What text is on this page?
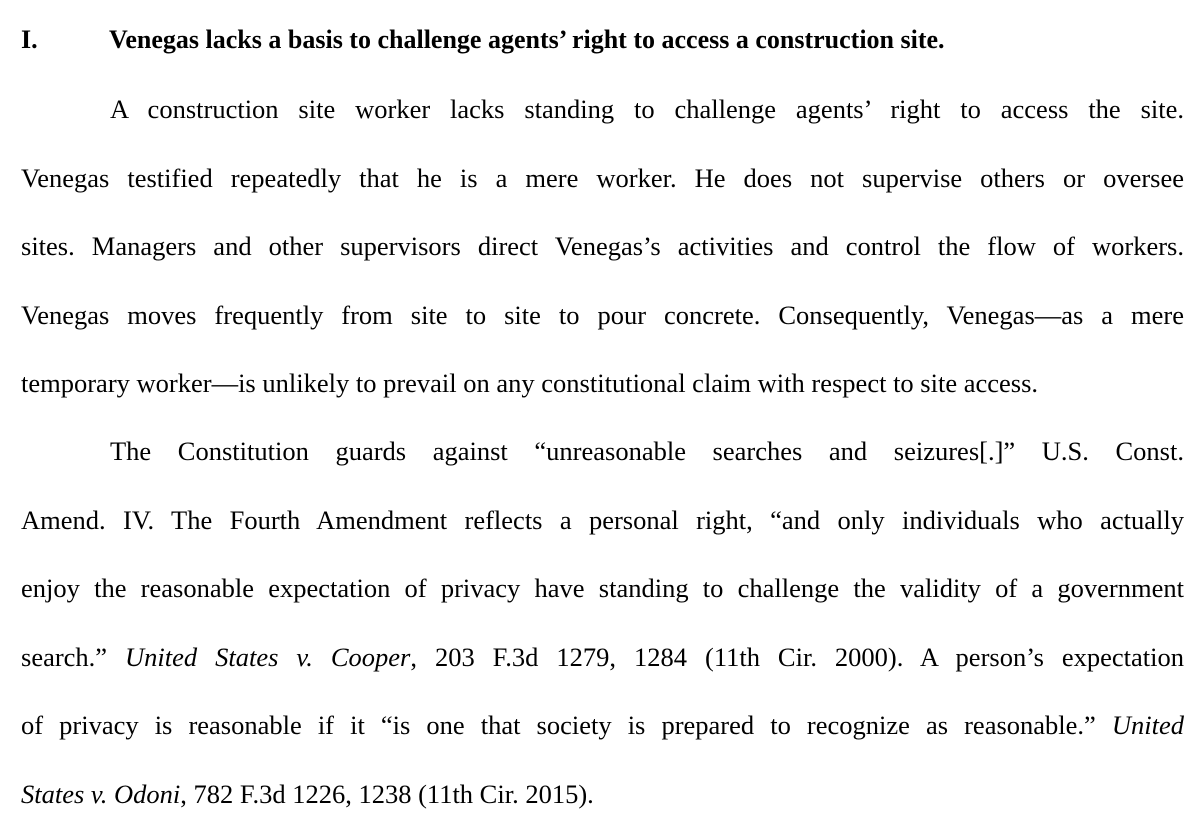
I.	Venegas lacks a basis to challenge agents’ right to access a construction site.
A construction site worker lacks standing to challenge agents’ right to access the site.
Venegas testified repeatedly that he is a mere worker. He does not supervise others or oversee
sites. Managers and other supervisors direct Venegas’s activities and control the flow of workers.
Venegas moves frequently from site to site to pour concrete. Consequently, Venegas—as a mere
temporary worker—is unlikely to prevail on any constitutional claim with respect to site access.
The Constitution guards against “unreasonable searches and seizures[.]” U.S. Const.
Amend. IV. The Fourth Amendment reflects a personal right, “and only individuals who actually
enjoy the reasonable expectation of privacy have standing to challenge the validity of a government
search.” United States v. Cooper, 203 F.3d 1279, 1284 (11th Cir. 2000). A person’s expectation
of privacy is reasonable if it “is one that society is prepared to recognize as reasonable.” United
States v. Odoni, 782 F.3d 1226, 1238 (11th Cir. 2015).
